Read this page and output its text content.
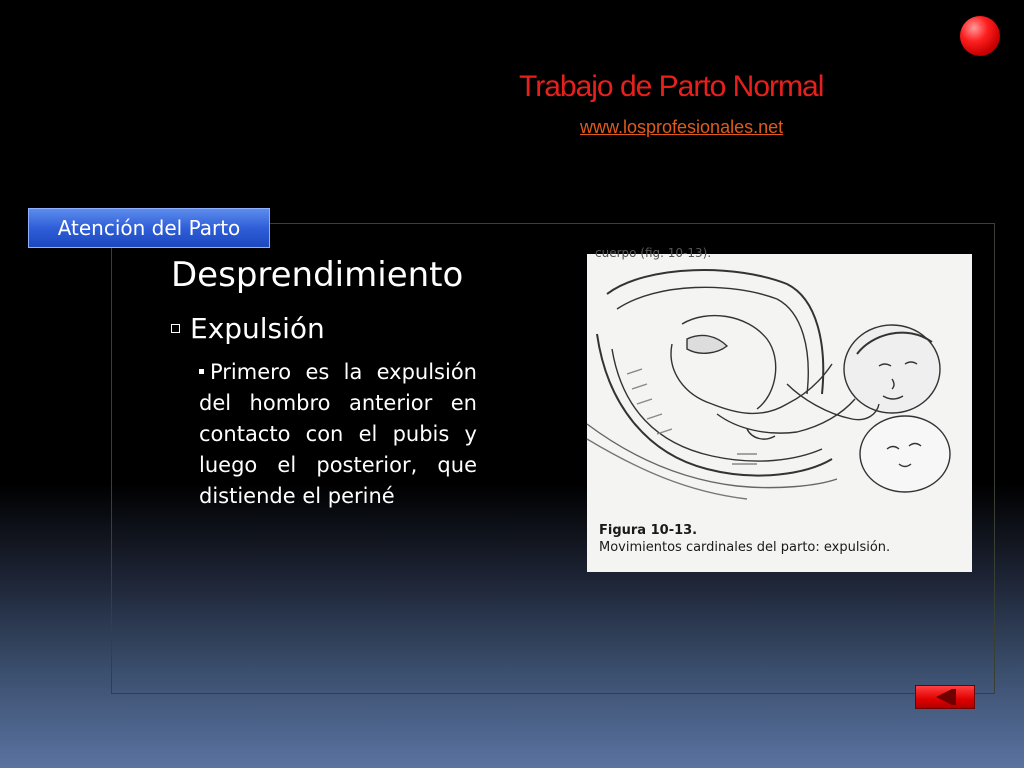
Trabajo de Parto Normal
www.losprofesionales.net
Atención del Parto
Desprendimiento
Expulsión
Primero es la expulsión del hombro anterior en contacto con el pubis y luego el posterior, que distiende el periné
cuerpo (fig. 10-13).
Figura 10-13.
Movimientos cardinales del parto: expulsión.
